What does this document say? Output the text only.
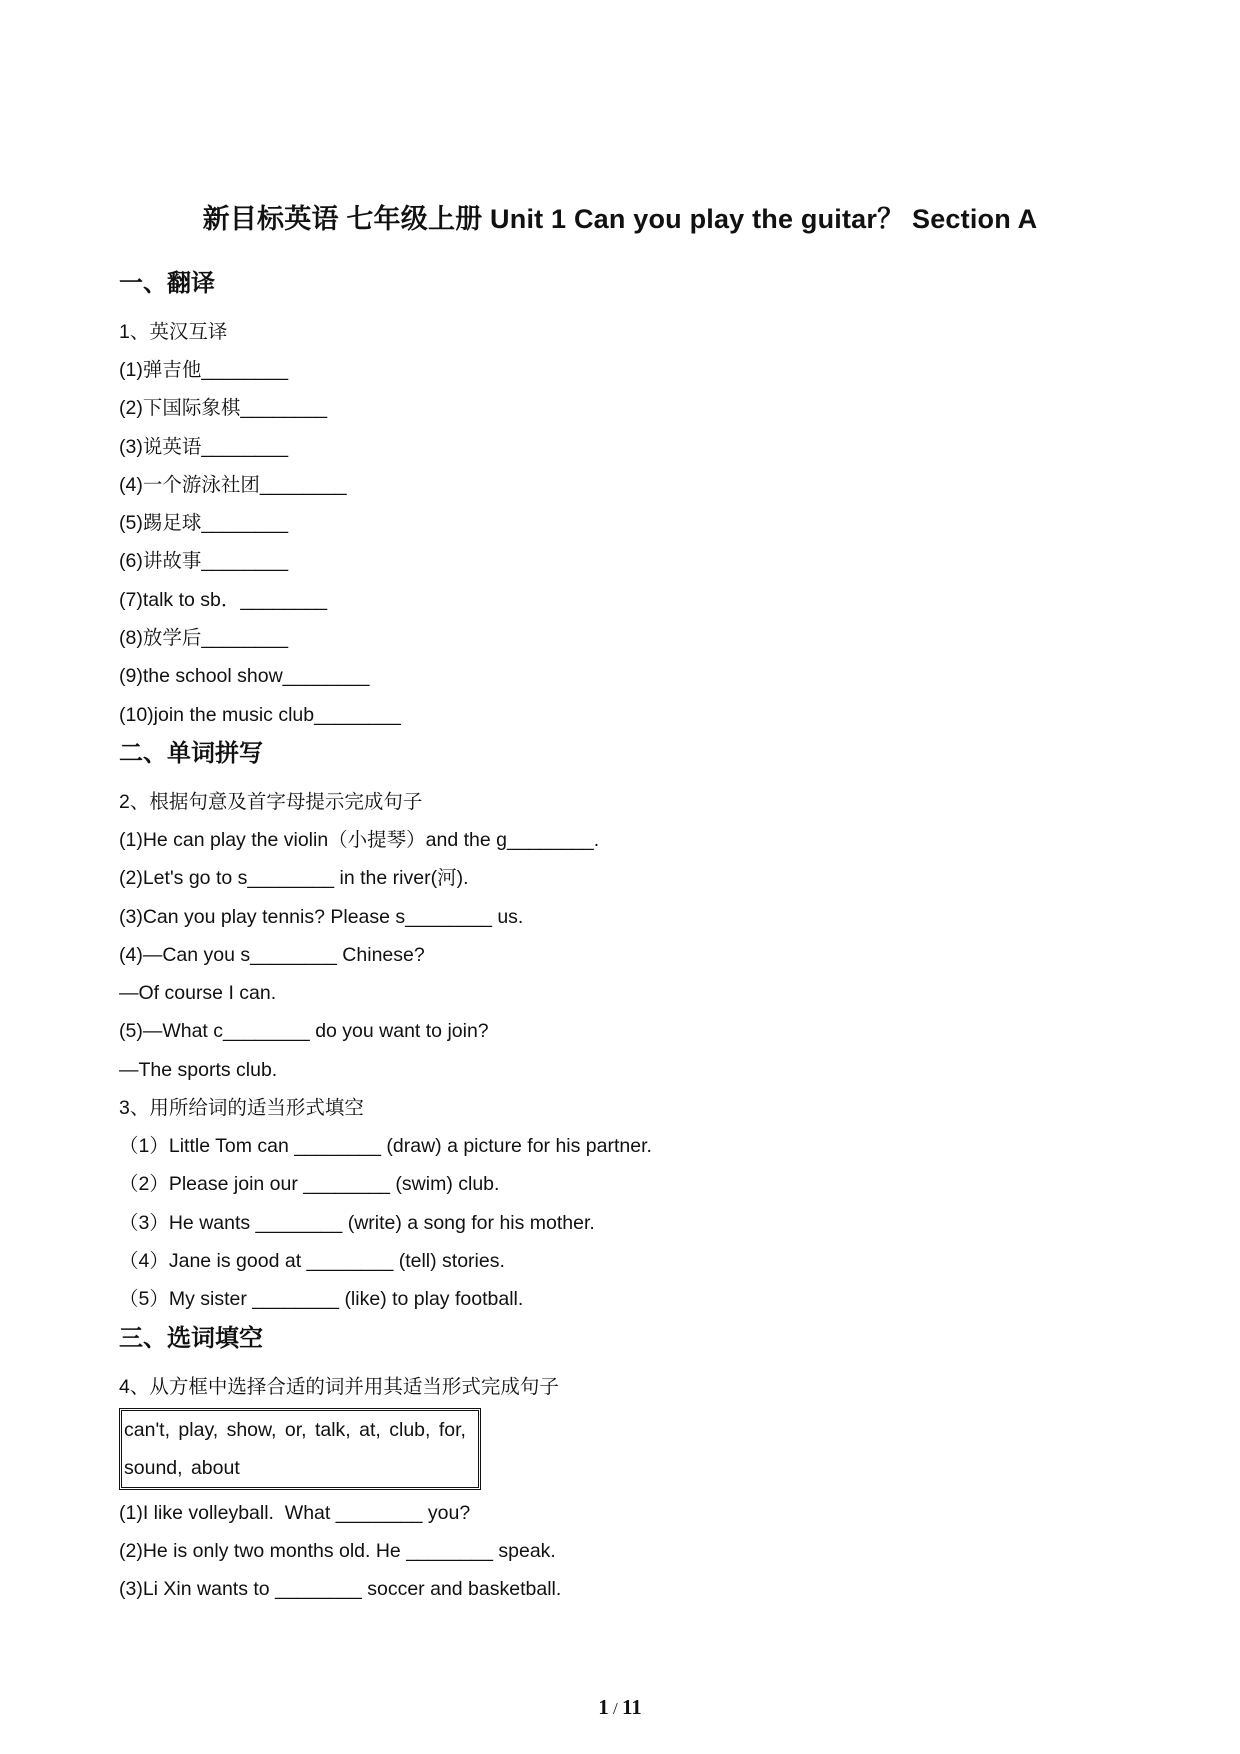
新目标英语 七年级上册 Unit 1 Can you play the guitar？ Section A
一、翻译
1、英汉互译
(1)弹吉他________
(2)下国际象棋________
(3)说英语________
(4)一个游泳社团________
(5)踢足球________
(6)讲故事________
(7)talk to sb．________
(8)放学后________
(9)the school show________
(10)join the music club________
二、单词拼写
2、根据句意及首字母提示完成句子
(1)He can play the violin（小提琴）and the g________.
(2)Let's go to s________ in the river(河).
(3)Can you play tennis? Please s________ us.
(4)—Can you s________ Chinese?
—Of course I can.
(5)—What c________ do you want to join?
—The sports club.
3、用所给词的适当形式填空
（1）Little Tom can ________ (draw) a picture for his partner.
（2）Please join our ________ (swim) club.
（3）He wants ________ (write) a song for his mother.
（4）Jane is good at ________ (tell) stories.
（5）My sister ________ (like) to play football.
三、选词填空
4、从方框中选择合适的词并用其适当形式完成句子
can't, play, show, or, talk, at, club, for, sound, about
(1)I like volleyball.  What ________ you?
(2)He is only two months old. He ________ speak.
(3)Li Xin wants to ________ soccer and basketball.
1 / 11
